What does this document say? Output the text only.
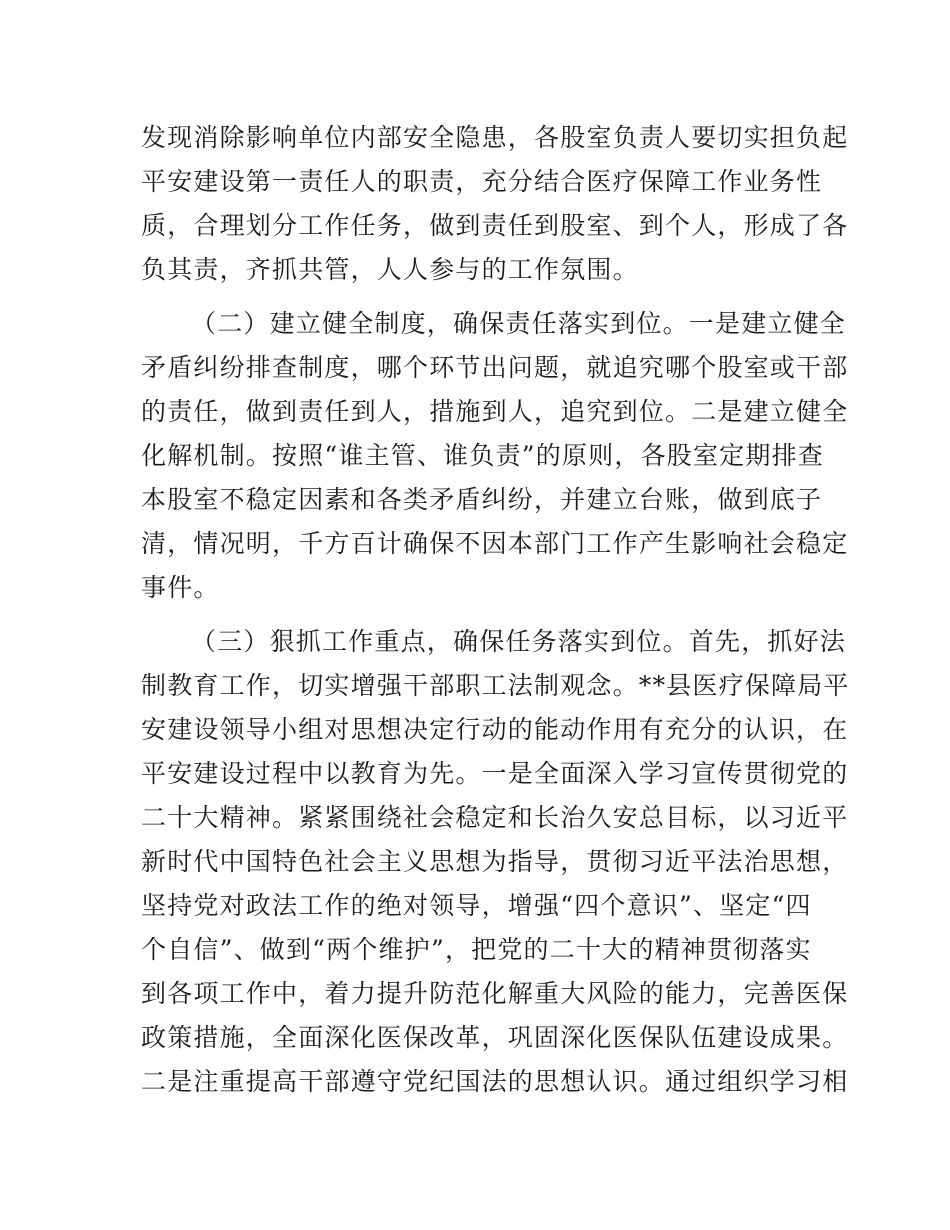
发现消除影响单位内部安全隐患，各股室负责人要切实担负起
平安建设第一责任人的职责，充分结合医疗保障工作业务性
质，合理划分工作任务，做到责任到股室、到个人，形成了各
负其责，齐抓共管，人人参与的工作氛围。
（二）建立健全制度，确保责任落实到位。一是建立健全
矛盾纠纷排查制度，哪个环节出问题，就追究哪个股室或干部
的责任，做到责任到人，措施到人，追究到位。二是建立健全
化解机制。按照“谁主管、谁负责”的原则，各股室定期排查
本股室不稳定因素和各类矛盾纠纷，并建立台账，做到底子
清，情况明，千方百计确保不因本部门工作产生影响社会稳定
事件。
（三）狠抓工作重点，确保任务落实到位。首先，抓好法
制教育工作，切实增强干部职工法制观念。**县医疗保障局平
安建设领导小组对思想决定行动的能动作用有充分的认识，在
平安建设过程中以教育为先。一是全面深入学习宣传贯彻党的
二十大精神。紧紧围绕社会稳定和长治久安总目标，以习近平
新时代中国特色社会主义思想为指导，贯彻习近平法治思想，
坚持党对政法工作的绝对领导，增强“四个意识”、坚定“四
个自信”、做到“两个维护”，把党的二十大的精神贯彻落实
到各项工作中，着力提升防范化解重大风险的能力，完善医保
政策措施，全面深化医保改革，巩固深化医保队伍建设成果。
二是注重提高干部遵守党纪国法的思想认识。通过组织学习相
